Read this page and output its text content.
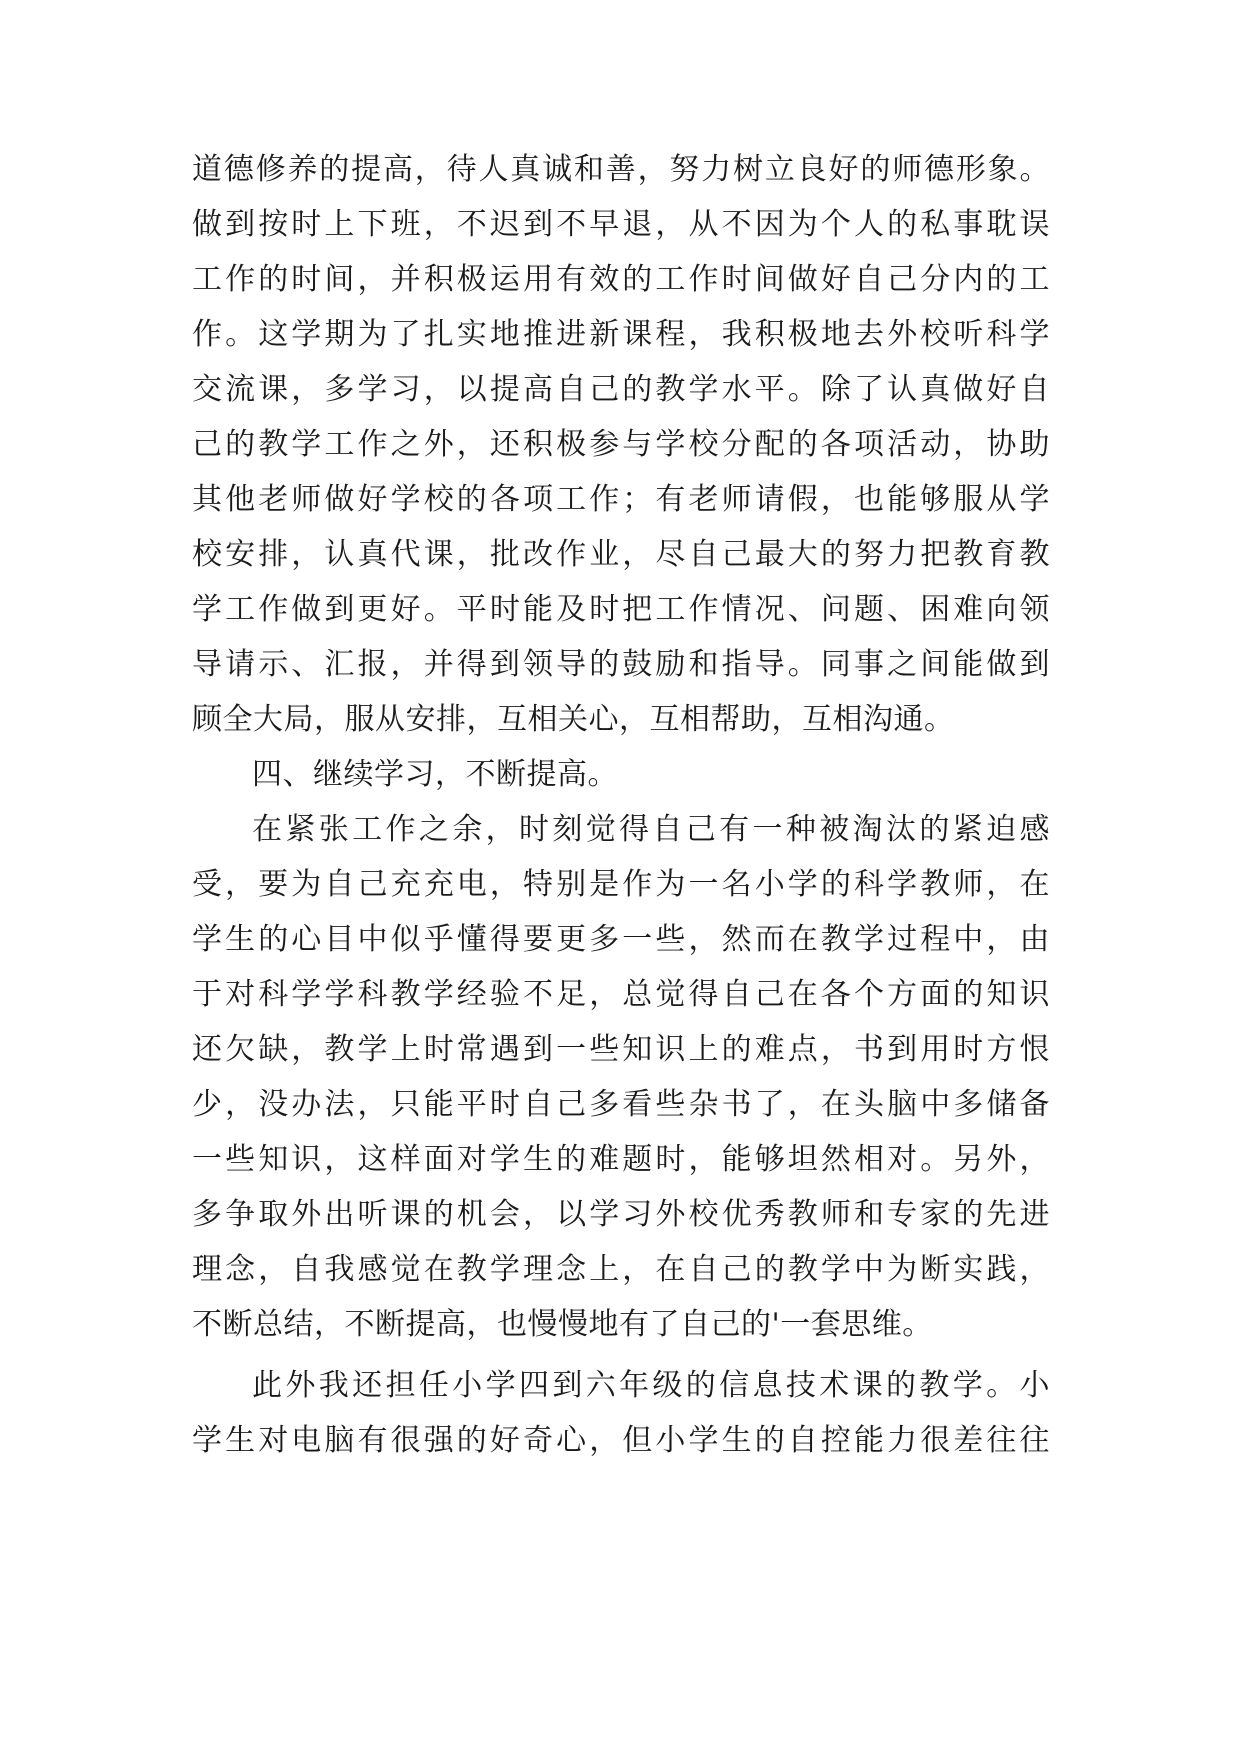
道德修养的提高，待人真诚和善，努力树立良好的师德形象。
做到按时上下班，不迟到不早退，从不因为个人的私事耽误
工作的时间，并积极运用有效的工作时间做好自己分内的工
作。这学期为了扎实地推进新课程，我积极地去外校听科学
交流课，多学习，以提高自己的教学水平。除了认真做好自
己的教学工作之外，还积极参与学校分配的各项活动，协助
其他老师做好学校的各项工作；有老师请假，也能够服从学
校安排，认真代课，批改作业，尽自己最大的努力把教育教
学工作做到更好。平时能及时把工作情况、问题、困难向领
导请示、汇报，并得到领导的鼓励和指导。同事之间能做到
顾全大局，服从安排，互相关心，互相帮助，互相沟通。
四、继续学习，不断提高。
在紧张工作之余，时刻觉得自己有一种被淘汰的紧迫感
受，要为自己充充电，特别是作为一名小学的科学教师，在
学生的心目中似乎懂得要更多一些，然而在教学过程中，由
于对科学学科教学经验不足，总觉得自己在各个方面的知识
还欠缺，教学上时常遇到一些知识上的难点，书到用时方恨
少，没办法，只能平时自己多看些杂书了，在头脑中多储备
一些知识，这样面对学生的难题时，能够坦然相对。另外，
多争取外出听课的机会，以学习外校优秀教师和专家的先进
理念，自我感觉在教学理念上，在自己的教学中为断实践，
不断总结，不断提高，也慢慢地有了自己的'一套思维。
此外我还担任小学四到六年级的信息技术课的教学。小
学生对电脑有很强的好奇心，但小学生的自控能力很差往往
